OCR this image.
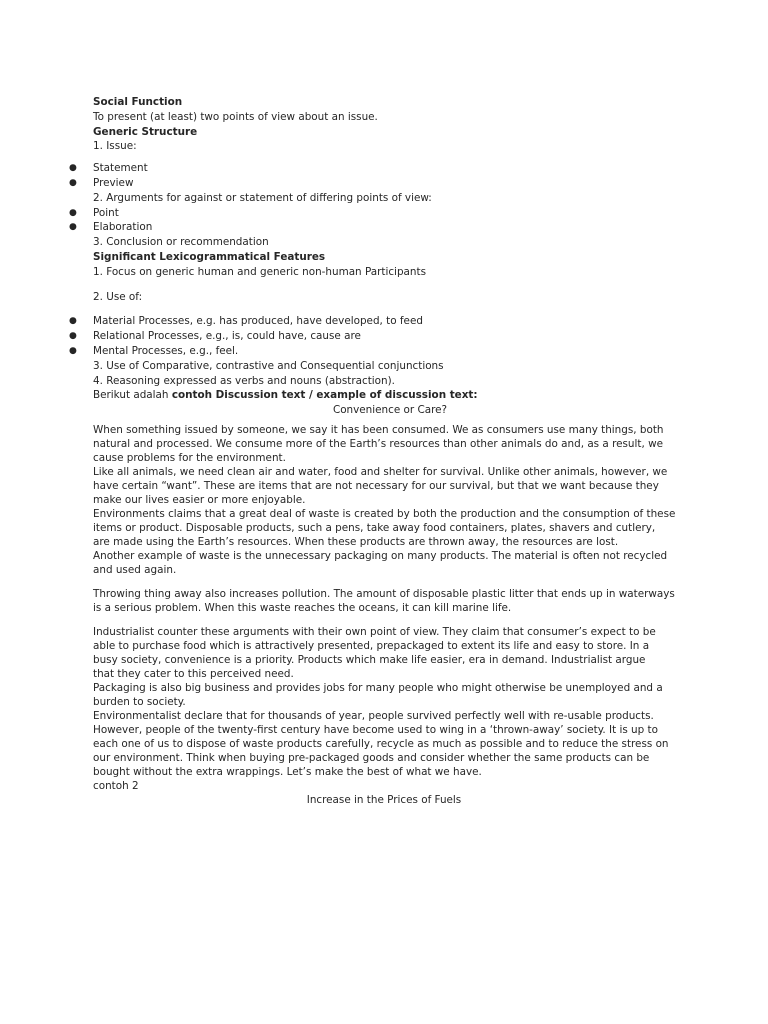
Social Function
To present (at least) two points of view about an issue.
Generic Structure
1. Issue:
● Statement
● Preview
2. Arguments for against or statement of differing points of view:
● Point
● Elaboration
3. Conclusion or recommendation
Significant Lexicogrammatical Features
1. Focus on generic human and generic non-human Participants
2. Use of:
● Material Processes, e.g. has produced, have developed, to feed
● Relational Processes, e.g., is, could have, cause are
● Mental Processes, e.g., feel.
3. Use of Comparative, contrastive and Consequential conjunctions
4. Reasoning expressed as verbs and nouns (abstraction).
Berikut adalah contoh Discussion text / example of discussion text:
Convenience or Care?
When something issued by someone, we say it has been consumed. We as consumers use many things, both
natural and processed. We consume more of the Earth’s resources than other animals do and, as a result, we
cause problems for the environment.
Like all animals, we need clean air and water, food and shelter for survival. Unlike other animals, however, we
have certain “want”. These are items that are not necessary for our survival, but that we want because they
make our lives easier or more enjoyable.
Environments claims that a great deal of waste is created by both the production and the consumption of these
items or product. Disposable products, such a pens, take away food containers, plates, shavers and cutlery,
are made using the Earth’s resources. When these products are thrown away, the resources are lost.
Another example of waste is the unnecessary packaging on many products. The material is often not recycled
and used again.
Throwing thing away also increases pollution. The amount of disposable plastic litter that ends up in waterways
is a serious problem. When this waste reaches the oceans, it can kill marine life.
Industrialist counter these arguments with their own point of view. They claim that consumer’s expect to be
able to purchase food which is attractively presented, prepackaged to extent its life and easy to store. In a
busy society, convenience is a priority. Products which make life easier, era in demand. Industrialist argue
that they cater to this perceived need.
Packaging is also big business and provides jobs for many people who might otherwise be unemployed and a
burden to society.
Environmentalist declare that for thousands of year, people survived perfectly well with re-usable products.
However, people of the twenty-first century have become used to wing in a ‘thrown-away’ society. It is up to
each one of us to dispose of waste products carefully, recycle as much as possible and to reduce the stress on
our environment. Think when buying pre-packaged goods and consider whether the same products can be
bought without the extra wrappings. Let’s make the best of what we have.
contoh 2
Increase in the Prices of Fuels
